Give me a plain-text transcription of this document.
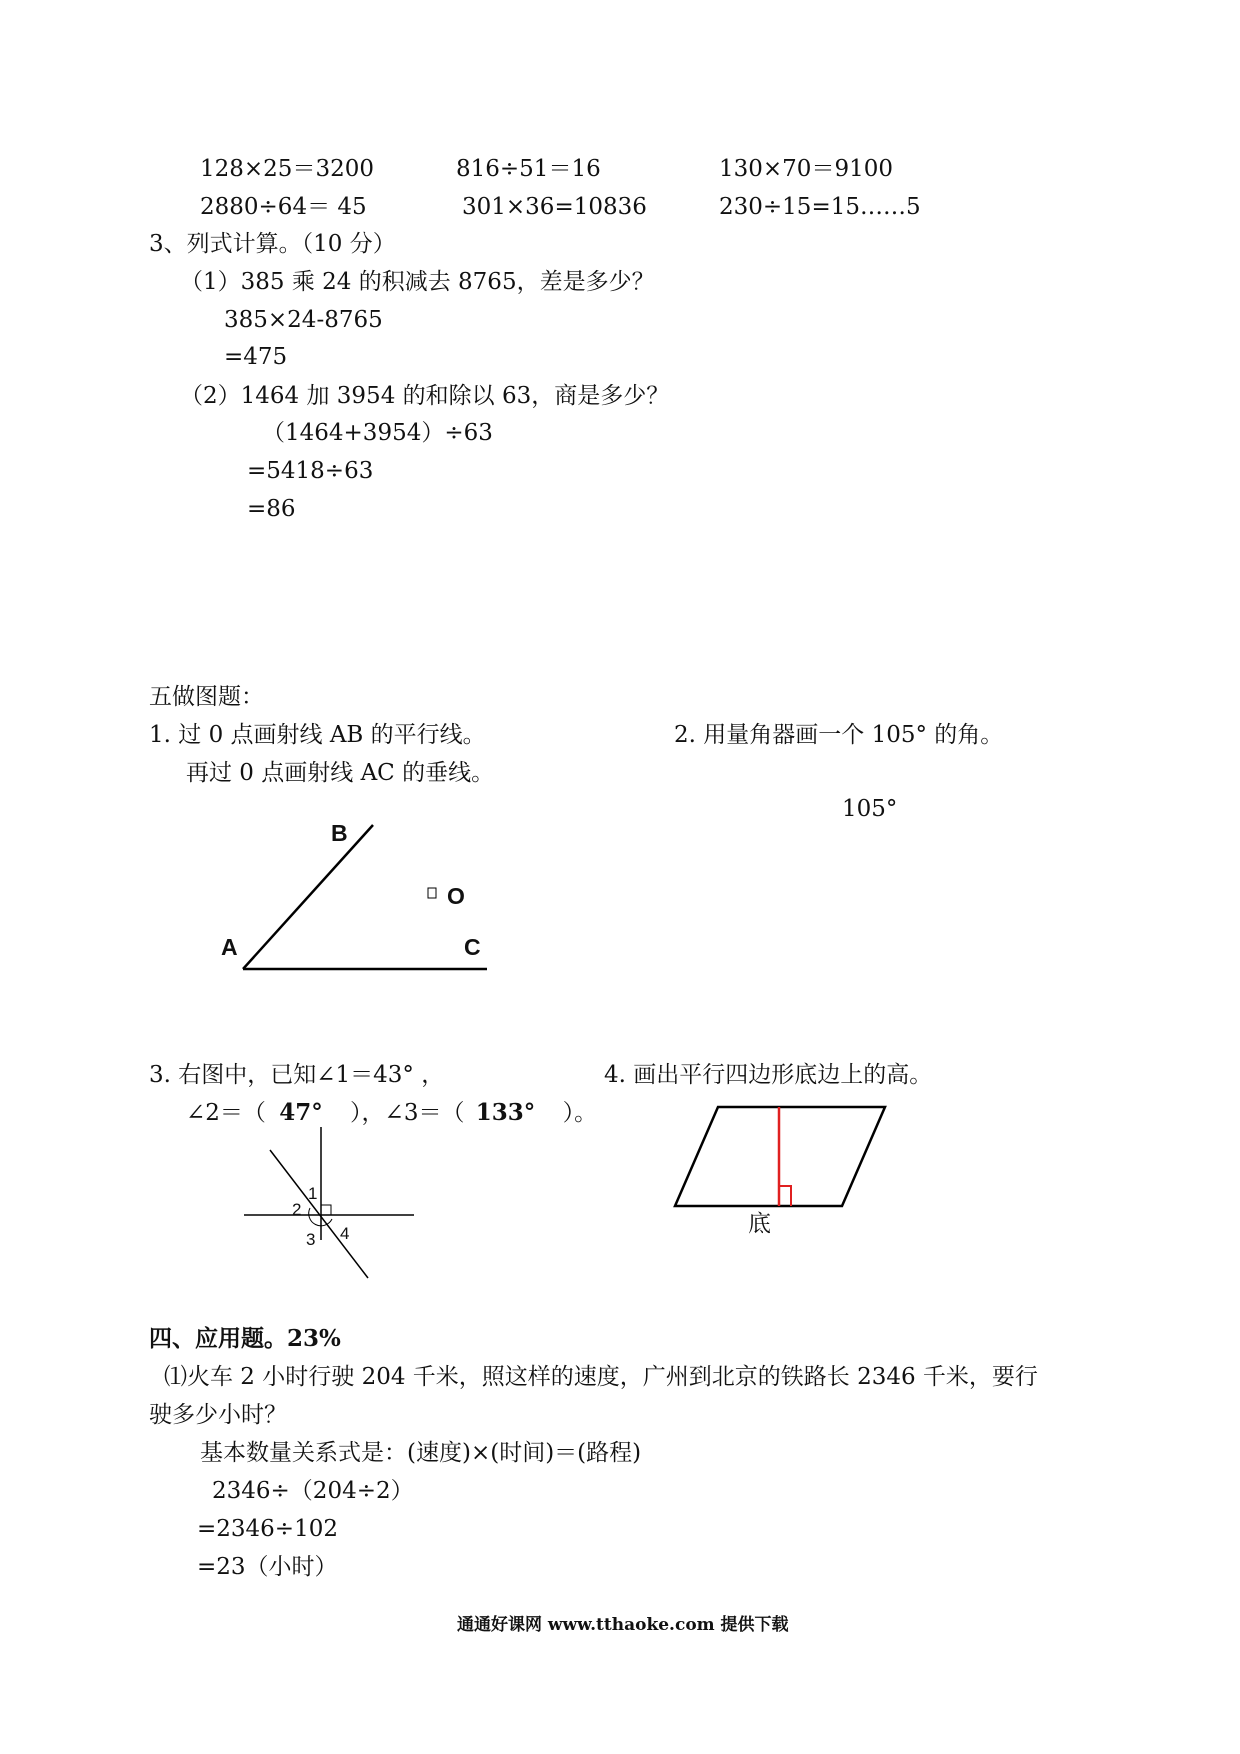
128×25＝3200	816÷51＝16	130×70＝9100
2880÷64＝ 45	301×36=10836	230÷15=15……5
3、列式计算。（10 分）
（1）385 乘 24 的积减去 8765，差是多少？
385×24-8765
=475
（2）1464 加 3954 的和除以 63，商是多少？
（1464+3954）÷63
=5418÷63
=86
五做图题：
1. 过 0 点画射线 AB 的平行线。
再过 0 点画射线 AC 的垂线。
2. 用量角器画一个 105° 的角。
105°
B
A	C
O
3. 右图中，已知∠1＝43° ，
∠2＝（ 47° ），∠3＝（ 133° ）。
1
2
3 4
4. 画出平行四边形底边上的高。
底
四、应用题。23%
⑴火车 2 小时行驶 204 千米，照这样的速度，广州到北京的铁路长 2346 千米，要行
驶多少小时？
基本数量关系式是：(速度)×(时间)＝(路程)
2346÷（204÷2）
=2346÷102
=23（小时）
通通好课网 www.tthaoke.com 提供下载
